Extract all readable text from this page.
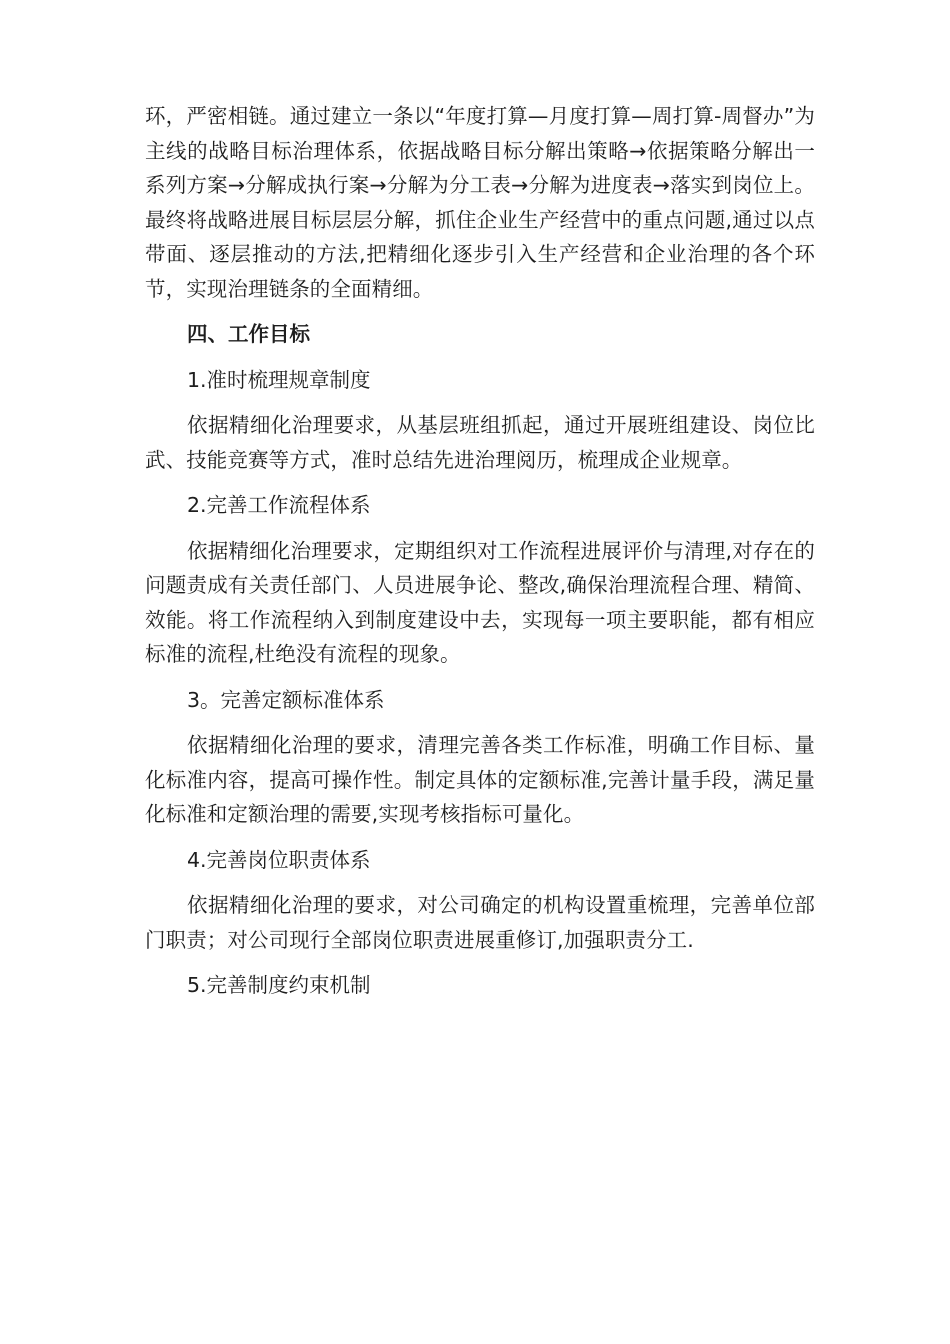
环，严密相链。通过建立一条以“年度打算—月度打算—周打算-周督办”为主线的战略目标治理体系，依据战略目标分解出策略→依据策略分解出一系列方案→分解成执行案→分解为分工表→分解为进度表→落实到岗位上。最终将战略进展目标层层分解，抓住企业生产经营中的重点问题,通过以点带面、逐层推动的方法,把精细化逐步引入生产经营和企业治理的各个环节，实现治理链条的全面精细。

四、工作目标
1.准时梳理规章制度

依据精细化治理要求，从基层班组抓起，通过开展班组建设、岗位比武、技能竞赛等方式，准时总结先进治理阅历，梳理成企业规章。

2.完善工作流程体系

依据精细化治理要求，定期组织对工作流程进展评价与清理,对存在的问题责成有关责任部门、人员进展争论、整改,确保治理流程合理、精简、效能。将工作流程纳入到制度建设中去，实现每一项主要职能，都有相应标准的流程,杜绝没有流程的现象。

3。完善定额标准体系

依据精细化治理的要求，清理完善各类工作标准，明确工作目标、量化标准内容，提高可操作性。制定具体的定额标准,完善计量手段，满足量化标准和定额治理的需要,实现考核指标可量化。

4.完善岗位职责体系

依据精细化治理的要求，对公司确定的机构设置重梳理，完善单位部门职责；对公司现行全部岗位职责进展重修订,加强职责分工.

5.完善制度约束机制
